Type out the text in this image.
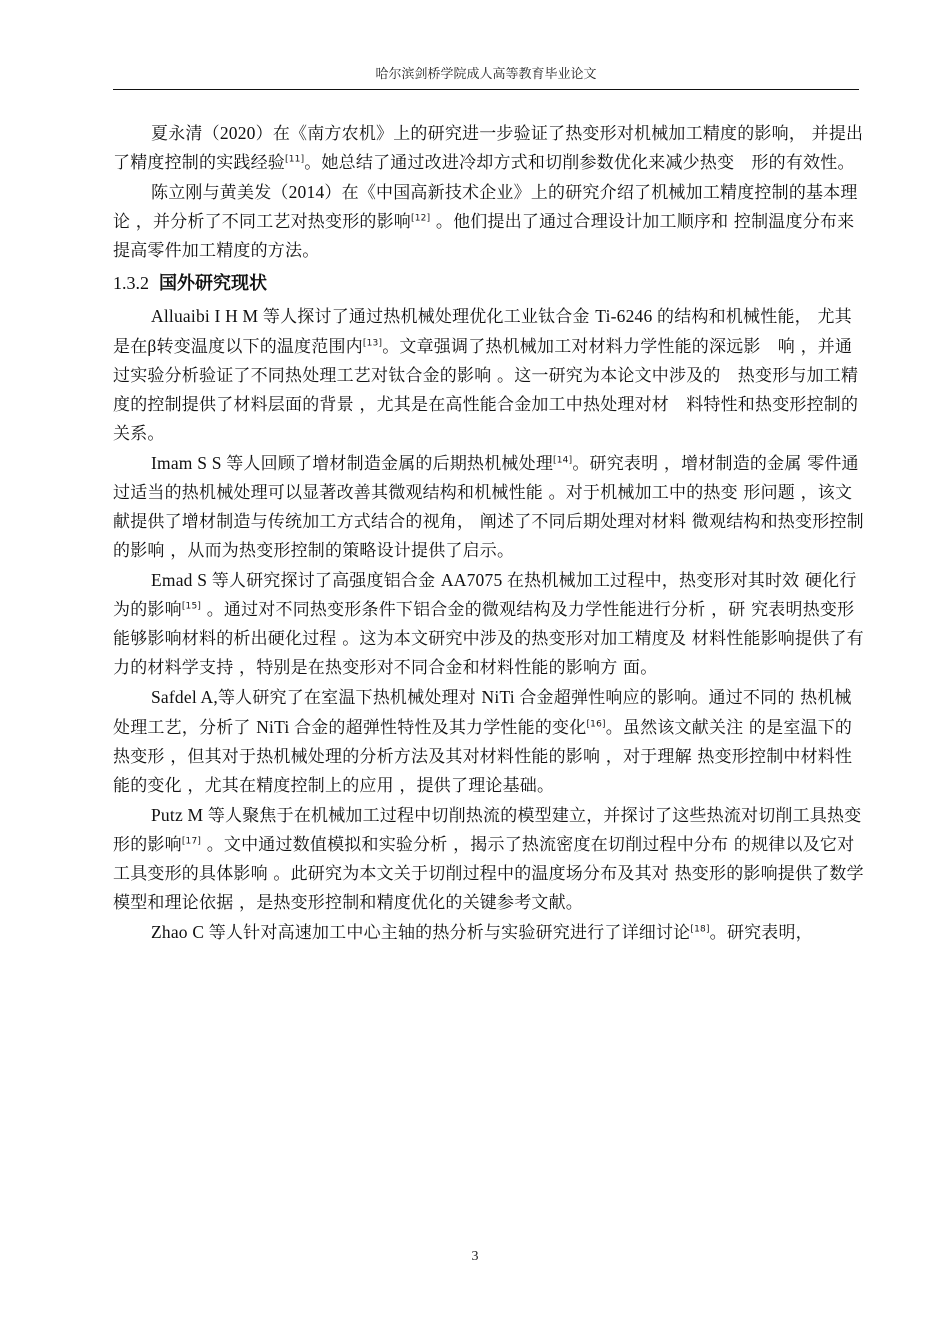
哈尔滨剑桥学院成人高等教育毕业论文

夏永清（2020）在《南方农机》上的研究进一步验证了热变形对机械加工精度的影响， 并提出了精度控制的实践经验[11]。她总结了通过改进冷却方式和切削参数优化来减少热变　形的有效性。

陈立刚与黄美发（2014）在《中国高新技术企业》上的研究介绍了机械加工精度控制的基本理论 ，并分析了不同工艺对热变形的影响[12] 。他们提出了通过合理设计加工顺序和 控制温度分布来提高零件加工精度的方法。

1.3.2 国外研究现状

Alluaibi I H M 等人探讨了通过热机械处理优化工业钛合金 Ti-6246 的结构和机械性能， 尤其是在β转变温度以下的温度范围内[13]。文章强调了热机械加工对材料力学性能的深远影　响 ，并通过实验分析验证了不同热处理工艺对钛合金的影响 。这一研究为本论文中涉及的　热变形与加工精度的控制提供了材料层面的背景 ，尤其是在高性能合金加工中热处理对材　料特性和热变形控制的关系。

Imam S S 等人回顾了增材制造金属的后期热机械处理[14]。研究表明 ，增材制造的金属 零件通过适当的热机械处理可以显著改善其微观结构和机械性能 。对于机械加工中的热变 形问题 ，该文献提供了增材制造与传统加工方式结合的视角， 阐述了不同后期处理对材料 微观结构和热变形控制的影响 ，从而为热变形控制的策略设计提供了启示。

Emad S 等人研究探讨了高强度铝合金 AA7075 在热机械加工过程中，热变形对其时效 硬化行为的影响[15] 。通过对不同热变形条件下铝合金的微观结构及力学性能进行分析 ，研 究表明热变形能够影响材料的析出硬化过程 。这为本文研究中涉及的热变形对加工精度及 材料性能影响提供了有力的材料学支持 ，特别是在热变形对不同合金和材料性能的影响方 面。

Safdel A,等人研究了在室温下热机械处理对 NiTi 合金超弹性响应的影响。通过不同的 热机械处理工艺，分析了 NiTi 合金的超弹性特性及其力学性能的变化[16]。虽然该文献关注 的是室温下的热变形 ，但其对于热机械处理的分析方法及其对材料性能的影响 ，对于理解 热变形控制中材料性能的变化 ，尤其在精度控制上的应用 ，提供了理论基础。

Putz M 等人聚焦于在机械加工过程中切削热流的模型建立，并探讨了这些热流对切削工具热变形的影响[17] 。文中通过数值模拟和实验分析 ，揭示了热流密度在切削过程中分布 的规律以及它对工具变形的具体影响 。此研究为本文关于切削过程中的温度场分布及其对 热变形的影响提供了数学模型和理论依据 ，是热变形控制和精度优化的关键参考文献。

Zhao C 等人针对高速加工中心主轴的热分析与实验研究进行了详细讨论[18]。研究表明，

3
